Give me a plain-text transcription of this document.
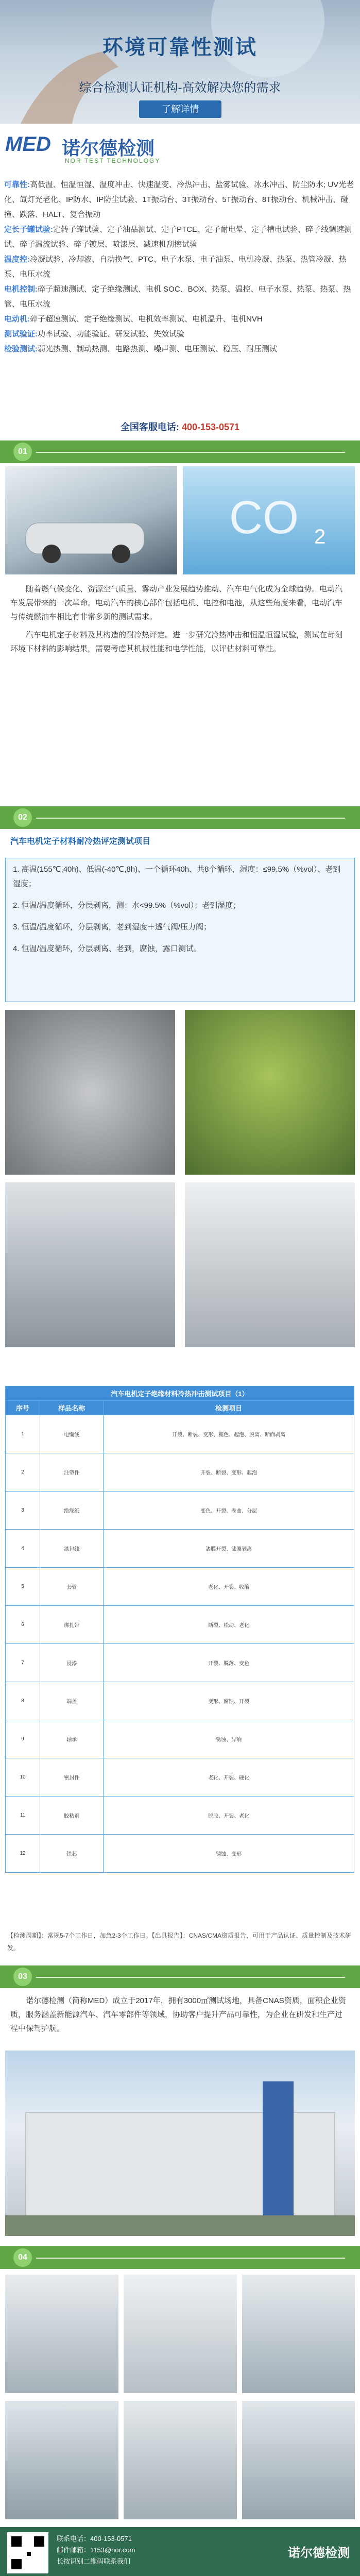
环境可靠性测试
综合检测认证机构-高效解决您的需求
了解详情
MED 诺尔德检测
NOR TEST TECHNOLOGY
可靠性:高低温、恒温恒湿、温度冲击、快速温变、冷热冲击、盐雾试验、冰水冲击、防尘防水; UV光老化、氙灯光老化、IP防水、IP防尘试验、1T振动台、3T振动台、5T振动台、8T振动台、机械冲击、碰撞、跌落、HALT、复合振动
定长子罐试验:定转子罐试验、定子油品测试、定子PTCE、定子耐电晕、定子槽电试验、碎子线调速测试、碎子温流试验、碎子镀层、喷漆层、减速机刮擦试验
温度控:冷凝试验、冷却液、自动换气、PTC、电子水泵、电子油泵、电机冷凝、热泵、热管冷凝、热泵、电压水流
电机控制:碎子超速测试、定子绝缘测试、电机 SOC、BOX、热泵、温控、电子水泵、热泵、热泵、热管、电压水流
电动机:碎子超速测试、定子绝缘测试、电机效率测试、电机温升、电机NVH
测试验证:功率试验、功能验证、研发试验、失效试验
检验测试:弱光热测、制动热测、电路热测、噪声测、电压测试、稳压、耐压测试
全国客服电话: 400-153-0571
01
CO 2

随着燃气候变化、资源空气质量、雾动产业发展趋势推动、汽车电气化成为全球趋势。电动汽车发展带来的一次革命。电动汽车的核心部件包括电机、电控和电池，从这些角度来看，电动汽车与传统燃油车相比有非常多新的测试需求。

汽车电机定子材料及其构造的耐冷热评定。进一步研究冷热冲击和恒温恒湿试验，测试在苛刻环境下材料的影响结果，需要考虑其机械性能和电学性能，以评估材料可靠性。

02
汽车电机定子材料耐冷热评定测试项目
1. 高温(155℃,40h)、低温(-40℃,8h)、一个循环40h、共8个循环，湿度：≤99.5%（%vol）、老到湿度；
2. 恒温/温度循环，分层剥离，测：水<99.5%（%vol）；老到湿度；
3. 恒温/温度循环，分层剥离，老到湿度＋透气阀/压力阀；
4. 恒温/温度循环，分层剥离、老到，腐蚀，露口测试。
汽车电机定子绝缘材料冷热冲击测试项目（1）		
序号	样品名称	检测项目
1	电缆线	开裂、断裂、变形、褪色、起泡、脱离、断面剥离
2	注塑件	开裂、断裂、变形、起泡
3	绝缘纸	变色、开裂、卷曲、分层
4	漆包线	漆膜开裂、漆膜剥离
5	套管	老化、开裂、收缩
6	绑扎带	断裂、松动、老化
7	浸漆	开裂、脱落、变色
8	端盖	变形、腐蚀、开裂
9	轴承	锈蚀、异响
10	密封件	老化、开裂、硬化
11	胶粘剂	脱胶、开裂、老化
12	铁芯	锈蚀、变形
【检测周期】：常规5-7个工作日，加急2-3个工作日。【出具报告】：CNAS/CMA资质报告，可用于产品认证、质量控制及技术研发。
03

诺尔德检测（简称MED）成立于2017年，拥有3000㎡测试场地，具备CNAS资质，面积企业资质，服务涵盖新能源汽车、汽车零部件等领域，协助客户提升产品可靠性，为企业在研发和生产过程中保驾护航。

04
联系电话：400-153-0571
邮件邮箱：1153@nor.com
长按识别二维码联系我们
诺尔德检测
